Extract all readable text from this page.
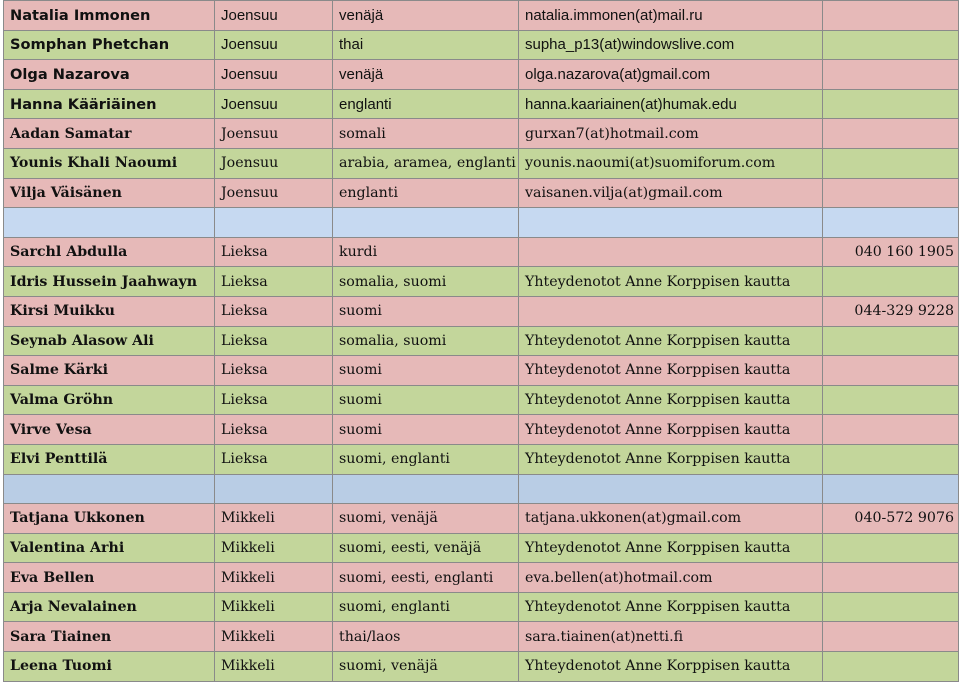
Natalia Immonen	Joensuu	venäjä	natalia.immonen(at)mail.ru	
Somphan Phetchan	Joensuu	thai	supha_p13(at)windowslive.com	
Olga Nazarova	Joensuu	venäjä	olga.nazarova(at)gmail.com	
Hanna Kääriäinen	Joensuu	englanti	hanna.kaariainen(at)humak.edu	
Aadan Samatar	Joensuu	somali	gurxan7(at)hotmail.com	
Younis Khali Naoumi	Joensuu	arabia, aramea, englanti	younis.naoumi(at)suomiforum.com	
Vilja Väisänen	Joensuu	englanti	vaisanen.vilja(at)gmail.com	

Sarchl Abdulla	Lieksa	kurdi		040 160 1905
Idris Hussein Jaahwayn	Lieksa	somalia, suomi	Yhteydenotot Anne Korppisen kautta	
Kirsi Muikku	Lieksa	suomi		044-329 9228
Seynab Alasow Ali	Lieksa	somalia, suomi	Yhteydenotot Anne Korppisen kautta	
Salme Kärki	Lieksa	suomi	Yhteydenotot Anne Korppisen kautta	
Valma Gröhn	Lieksa	suomi	Yhteydenotot Anne Korppisen kautta	
Virve Vesa	Lieksa	suomi	Yhteydenotot Anne Korppisen kautta	
Elvi Penttilä	Lieksa	suomi, englanti	Yhteydenotot Anne Korppisen kautta	

Tatjana Ukkonen	Mikkeli	suomi, venäjä	tatjana.ukkonen(at)gmail.com	040-572 9076
Valentina Arhi	Mikkeli	suomi, eesti, venäjä	Yhteydenotot Anne Korppisen kautta	
Eva Bellen	Mikkeli	suomi, eesti, englanti	eva.bellen(at)hotmail.com	
Arja Nevalainen	Mikkeli	suomi, englanti	Yhteydenotot Anne Korppisen kautta	
Sara Tiainen	Mikkeli	thai/laos	sara.tiainen(at)netti.fi	
Leena Tuomi	Mikkeli	suomi, venäjä	Yhteydenotot Anne Korppisen kautta	
